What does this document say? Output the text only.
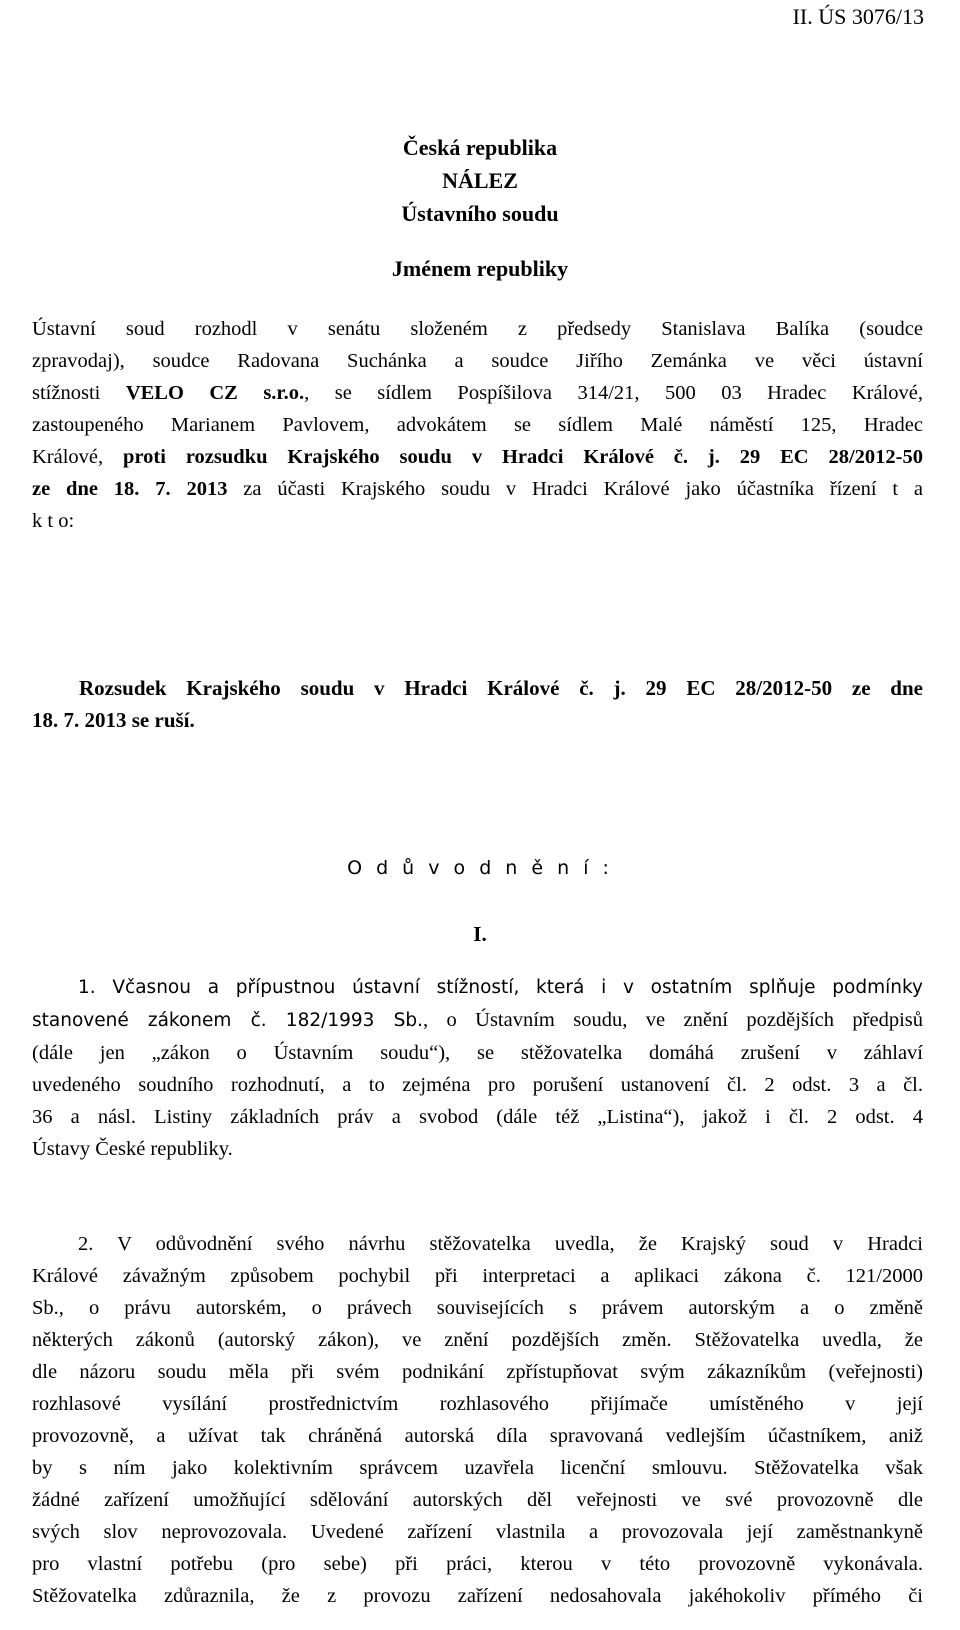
II. ÚS 3076/13
Česká republika
NÁLEZ
Ústavního soudu
Jménem republiky
Ústavní soud rozhodl v senátu složeném z předsedy Stanislava Balíka (soudce
zpravodaj), soudce Radovana Suchánka a soudce Jiřího Zemánka ve věci ústavní
stížnosti VELO CZ s.r.o., se sídlem Pospíšilova 314/21, 500 03 Hradec Králové,
zastoupeného Marianem Pavlovem, advokátem se sídlem Malé náměstí 125, Hradec
Králové, proti rozsudku Krajského soudu v Hradci Králové č. j. 29 EC 28/2012-50
ze dne 18. 7. 2013 za účasti Krajského soudu v Hradci Králové jako účastníka řízení t a
k t o:
Rozsudek Krajského soudu v Hradci Králové č. j. 29 EC 28/2012-50 ze dne
18. 7. 2013 se ruší.
O d ů v o d n ě n í :
I.
1. Včasnou a přípustnou ústavní stížností, která i v ostatním splňuje podmínky
stanovené zákonem č. 182/1993 Sb., o Ústavním soudu, ve znění pozdějších předpisů
(dále jen „zákon o Ústavním soudu“), se stěžovatelka domáhá zrušení v záhlaví
uvedeného soudního rozhodnutí, a to zejména pro porušení ustanovení čl. 2 odst. 3 a čl.
36 a násl. Listiny základních práv a svobod (dále též „Listina“), jakož i čl. 2 odst. 4
Ústavy České republiky.
2. V odůvodnění svého návrhu stěžovatelka uvedla, že Krajský soud v Hradci
Králové závažným způsobem pochybil při interpretaci a aplikaci zákona č. 121/2000
Sb., o právu autorském, o právech souvisejících s právem autorským a o změně
některých zákonů (autorský zákon), ve znění pozdějších změn. Stěžovatelka uvedla, že
dle názoru soudu měla při svém podnikání zpřístupňovat svým zákazníkům (veřejnosti)
rozhlasové vysílání prostřednictvím rozhlasového přijímače umístěného v její
provozovně, a užívat tak chráněná autorská díla spravovaná vedlejším účastníkem, aniž
by s ním jako kolektivním správcem uzavřela licenční smlouvu. Stěžovatelka však
žádné zařízení umožňující sdělování autorských děl veřejnosti ve své provozovně dle
svých slov neprovozovala. Uvedené zařízení vlastnila a provozovala její zaměstnankyně
pro vlastní potřebu (pro sebe) při práci, kterou v této provozovně vykonávala.
Stěžovatelka zdůraznila, že z provozu zařízení nedosahovala jakéhokoliv přímého či
